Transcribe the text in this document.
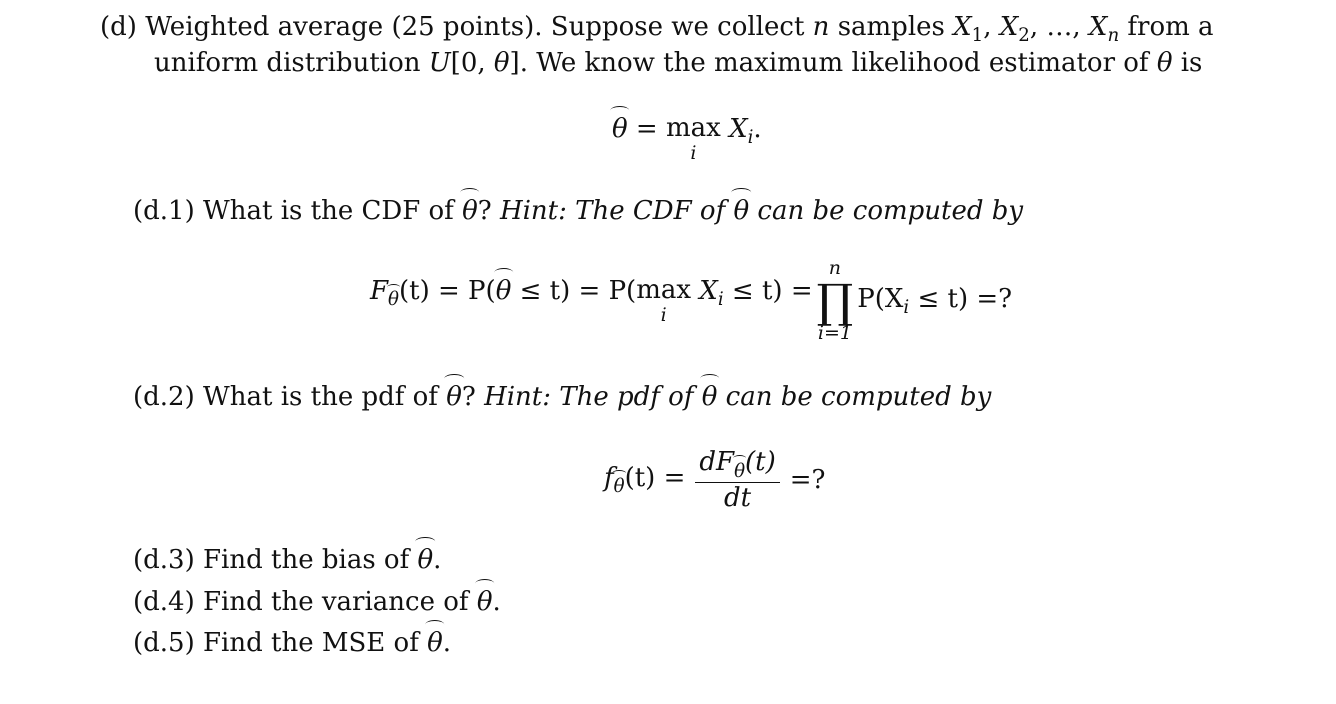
(d) Weighted average (25 points). Suppose we collect n samples $X_1$, $X_2$, …, $X_n$ from a
uniform distribution U[0, θ]. We know the maximum likelihood estimator of θ is
θ = max
i
$X_i$.
(d.1) What is the CDF of θ? Hint: The CDF of θ can be computed by
$F_\theta(t) = P(\theta \le t) = P(\max$
i
$X_i \le t$) =
n
∏
i=1
$P(X_i \le t)$ =?
(d.2) What is the pdf of θ? Hint: The pdf of θ can be computed by
$f_\theta(t) = \frac{dF_\theta(t)}{dt}$ =?
(d.3) Find the bias of θ.
(d.4) Find the variance of θ.
(d.5) Find the MSE of θ.
